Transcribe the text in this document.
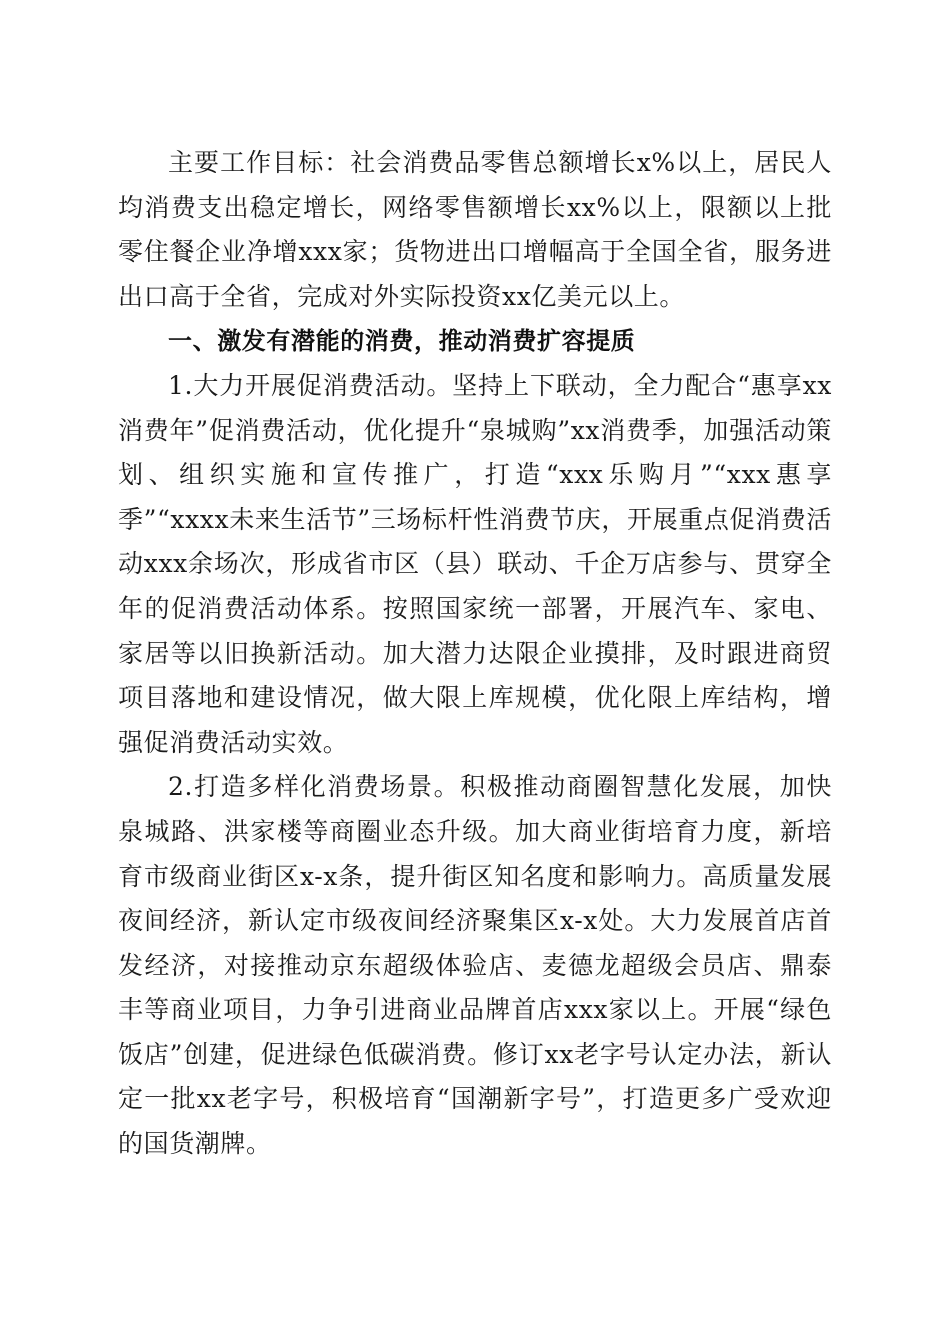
主要工作目标：社会消费品零售总额增长x%以上，居民人均消费支出稳定增长，网络零售额增长xx%以上，限额以上批零住餐企业净增xxx家；货物进出口增幅高于全国全省，服务进出口高于全省，完成对外实际投资xx亿美元以上。

一、激发有潜能的消费，推动消费扩容提质

1.大力开展促消费活动。坚持上下联动，全力配合“惠享xx消费年”促消费活动，优化提升“泉城购”xx消费季，加强活动策划、组织实施和宣传推广，打造“xxx乐购月”“xxx惠享季”“xxxx未来生活节”三场标杆性消费节庆，开展重点促消费活动xxx余场次，形成省市区（县）联动、千企万店参与、贯穿全年的促消费活动体系。按照国家统一部署，开展汽车、家电、家居等以旧换新活动。加大潜力达限企业摸排，及时跟进商贸项目落地和建设情况，做大限上库规模，优化限上库结构，增强促消费活动实效。

2.打造多样化消费场景。积极推动商圈智慧化发展，加快泉城路、洪家楼等商圈业态升级。加大商业街培育力度，新培育市级商业街区x-x条，提升街区知名度和影响力。高质量发展夜间经济，新认定市级夜间经济聚集区x-x处。大力发展首店首发经济，对接推动京东超级体验店、麦德龙超级会员店、鼎泰丰等商业项目，力争引进商业品牌首店xxx家以上。开展“绿色饭店”创建，促进绿色低碳消费。修订xx老字号认定办法，新认定一批xx老字号，积极培育“国潮新字号”，打造更多广受欢迎的国货潮牌。
